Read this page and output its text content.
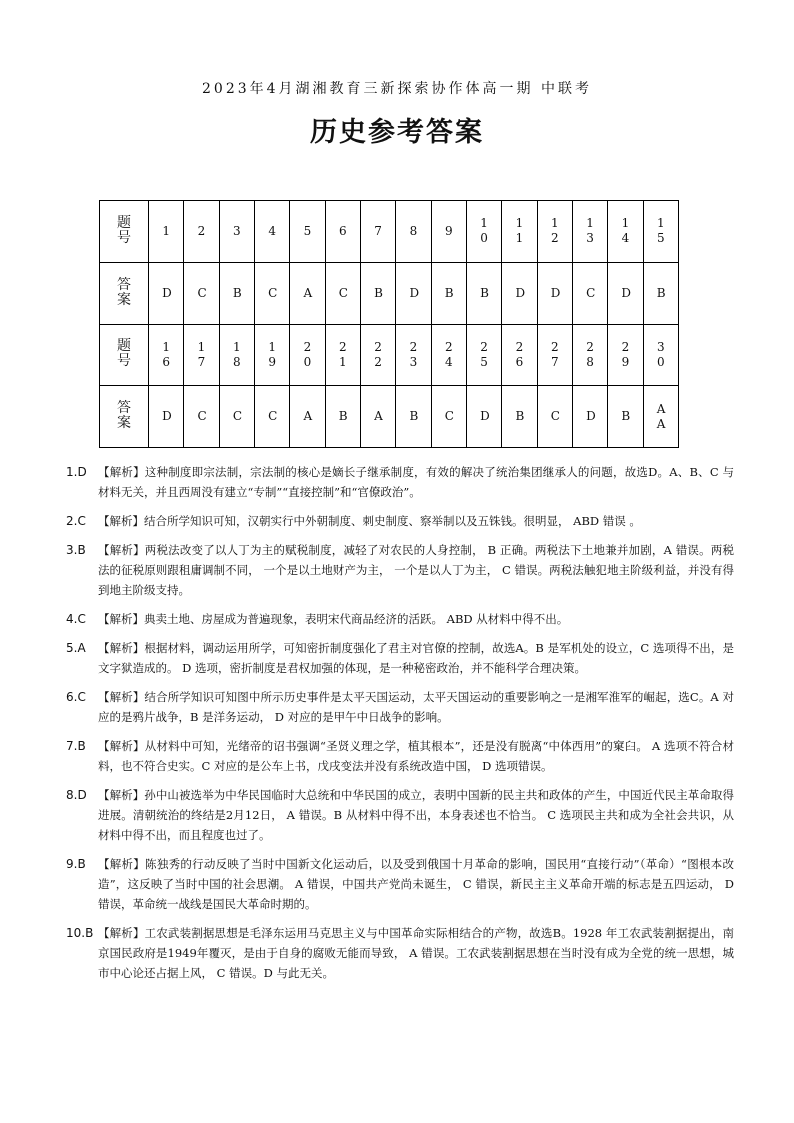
2023年4月湖湘教育三新探索协作体高一期 中联考
历史参考答案
题号	1	2	3	4	5	6	7	8	9	10	11	12	13	14	15
答案	D	C	B	C	A	C	B	D	B	B	D	D	C	D	B
题号	16	17	18	19	20	21	22	23	24	25	26	27	28	29	30
答案	D	C	C	C	A	B	A	B	C	D	B	C	D	B	AA
1.D 【解析】这种制度即宗法制，宗法制的核心是嫡长子继承制度，有效的解决了统治集团继承人的问题，故选D。A、B、C 与材料无关，并且西周没有建立“专制”“直接控制”和“官僚政治”。
2.C	【解析】结合所学知识可知，汉朝实行中外朝制度、刺史制度、察举制以及五铢钱。很明显， ABD 错误 。
3.B	【解析】两税法改变了以人丁为主的赋税制度，减轻了对农民的人身控制， B 正确。两税法下土地兼并加剧，A 错误。两税法的征税原则跟租庸调制不同， 一个是以土地财产为主， 一个是以人丁为主， C 错误。两税法触犯地主阶级利益，并没有得到地主阶级支持。
4.C	【解析】典卖土地、房屋成为普遍现象，表明宋代商品经济的活跃。 ABD 从材料中得不出。
5.A	【解析】根据材料，调动运用所学，可知密折制度强化了君主对官僚的控制，故选A。B 是军机处的设立，C 选项得不出，是文字狱造成的。 D 选项，密折制度是君权加强的体现，是一种秘密政治，并不能科学合理决策。
6.C	【解析】结合所学知识可知图中所示历史事件是太平天国运动，太平天国运动的重要影响之一是湘军淮军的崛起，选C。A 对应的是鸦片战争，B 是洋务运动， D 对应的是甲午中日战争的影响。
7.B	【解析】从材料中可知，光绪帝的诏书强调“圣贤义理之学，植其根本”，还是没有脱离“中体西用”的窠臼。 A 选项不符合材料，也不符合史实。C 对应的是公车上书，戊戌变法并没有系统改造中国， D 选项错误。
8.D 【解析】孙中山被选举为中华民国临时大总统和中华民国的成立，表明中国新的民主共和政体的产生，中国近代民主革命取得进展。清朝统治的终结是2月12日， A 错误。B 从材料中得不出，本身表述也不恰当。 C 选项民主共和成为全社会共识，从材料中得不出，而且程度也过了。
9.B	【解析】陈独秀的行动反映了当时中国新文化运动后，以及受到俄国十月革命的影响，国民用“直接行动”（革命）“图根本改造”，这反映了当时中国的社会思潮。 A 错误，中国共产党尚未诞生， C 错误，新民主主义革命开端的标志是五四运动， D 错误，革命统一战线是国民大革命时期的。
10.B 【解析】工农武装割据思想是毛泽东运用马克思主义与中国革命实际相结合的产物，故选B。1928 年工农武装割据提出，南京国民政府是1949年覆灭，是由于自身的腐败无能而导致， A 错误。工农武装割据思想在当时没有成为全党的统一思想，城市中心论还占据上风， C 错误。D 与此无关。
